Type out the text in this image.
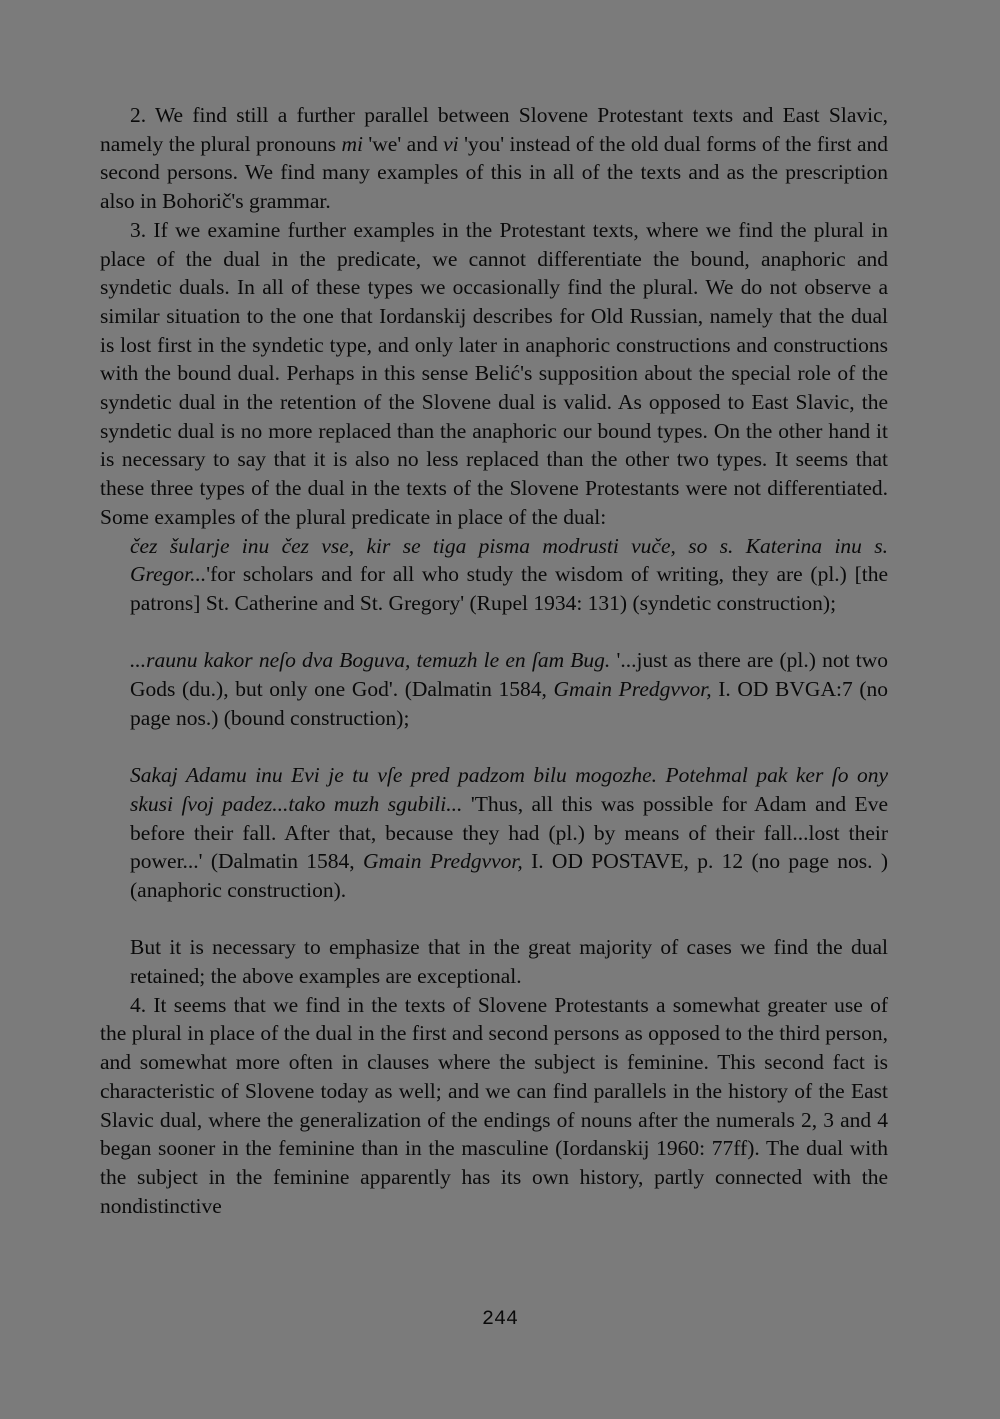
2. We find still a further parallel between Slovene Protestant texts and East Slavic, namely the plural pronouns mi 'we' and vi 'you' instead of the old dual forms of the first and second persons. We find many examples of this in all of the texts and as the prescription also in Bohorič's grammar.

3. If we examine further examples in the Protestant texts, where we find the plural in place of the dual in the predicate, we cannot differentiate the bound, anaphoric and syndetic duals. In all of these types we occasionally find the plural. We do not observe a similar situation to the one that Iordanskij describes for Old Russian, namely that the dual is lost first in the syndetic type, and only later in anaphoric constructions and constructions with the bound dual. Perhaps in this sense Belić's supposition about the special role of the syndetic dual in the retention of the Slovene dual is valid. As opposed to East Slavic, the syndetic dual is no more replaced than the anaphoric our bound types. On the other hand it is necessary to say that it is also no less replaced than the other two types. It seems that these three types of the dual in the texts of the Slovene Protestants were not differentiated. Some examples of the plural predicate in place of the dual:

čez šularje inu čez vse, kir se tiga pisma modrusti vuče, so s. Katerina inu s. Gregor...'for scholars and for all who study the wisdom of writing, they are (pl.) [the patrons] St. Catherine and St. Gregory' (Rupel 1934: 131) (syndetic construction);

...raunu kakor neſo dva Boguva, temuzh le en ſam Bug. '...just as there are (pl.) not two Gods (du.), but only one God'. (Dalmatin 1584, Gmain Predgvvor, I. OD BVGA:7 (no page nos.) (bound construction);

Sakaj Adamu inu Evi je tu vſe pred padzom bilu mogozhe. Potehmal pak ker ſo ony skusi ſvoj padez...tako muzh sgubili... 'Thus, all this was possible for Adam and Eve before their fall. After that, because they had (pl.) by means of their fall...lost their power...' (Dalmatin 1584, Gmain Predgvvor, I. OD POSTAVE, p. 12 (no page nos. ) (anaphoric construction).

But it is necessary to emphasize that in the great majority of cases we find the dual retained; the above examples are exceptional.

4. It seems that we find in the texts of Slovene Protestants a somewhat greater use of the plural in place of the dual in the first and second persons as opposed to the third person, and somewhat more often in clauses where the subject is feminine. This second fact is characteristic of Slovene today as well; and we can find parallels in the history of the East Slavic dual, where the generalization of the endings of nouns after the numerals 2, 3 and 4 began sooner in the feminine than in the masculine (Iordanskij 1960: 77ff). The dual with the subject in the feminine apparently has its own history, partly connected with the nondistinctive

244
